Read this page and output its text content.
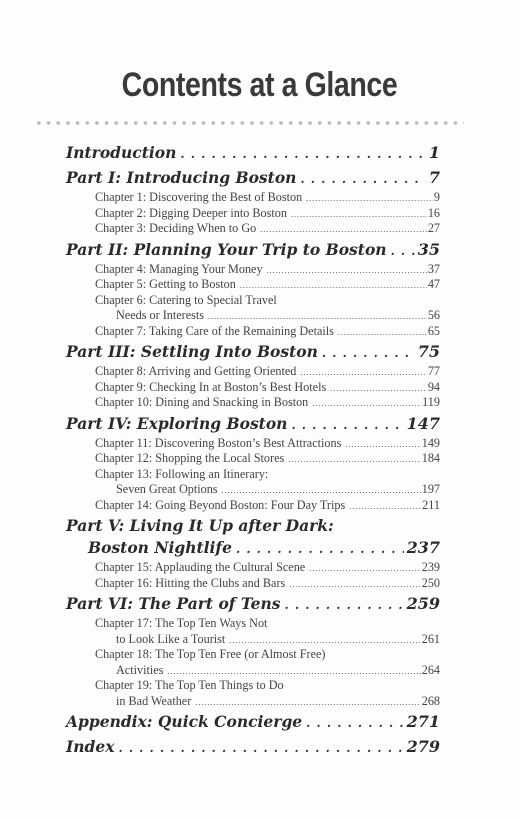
Contents at a Glance
Introduction . . .	1
Part I: Introducing Boston . . .	7
Chapter 1: Discovering the Best of Boston . . .	9
Chapter 2: Digging Deeper into Boston . . .	16
Chapter 3: Deciding When to Go . . .	27
Part II: Planning Your Trip to Boston . . . 35
Chapter 4: Managing Your Money . . .	37
Chapter 5: Getting to Boston . . .	47
Chapter 6: Catering to Special Travel
Needs or Interests . . .	56
Chapter 7: Taking Care of the Remaining Details . . .	65
Part III: Settling Into Boston . . .	75
Chapter 8: Arriving and Getting Oriented . . .	77
Chapter 9: Checking In at Boston’s Best Hotels . . .	94
Chapter 10: Dining and Snacking in Boston . . .	119
Part IV: Exploring Boston . . .	147
Chapter 11: Discovering Boston’s Best Attractions . . .	149
Chapter 12: Shopping the Local Stores . . .	184
Chapter 13: Following an Itinerary:
Seven Great Options . . .	197
Chapter 14: Going Beyond Boston: Four Day Trips . . .	211
Part V: Living It Up after Dark:
Boston Nightlife . . .	237
Chapter 15: Applauding the Cultural Scene . . .	239
Chapter 16: Hitting the Clubs and Bars . . .	250
Part VI: The Part of Tens . . .	259
Chapter 17: The Top Ten Ways Not
to Look Like a Tourist . . .	261
Chapter 18: The Top Ten Free (or Almost Free)
Activities . . .	264
Chapter 19: The Top Ten Things to Do
in Bad Weather . . .	268
Appendix: Quick Concierge . . .	271
Index . . .	279
